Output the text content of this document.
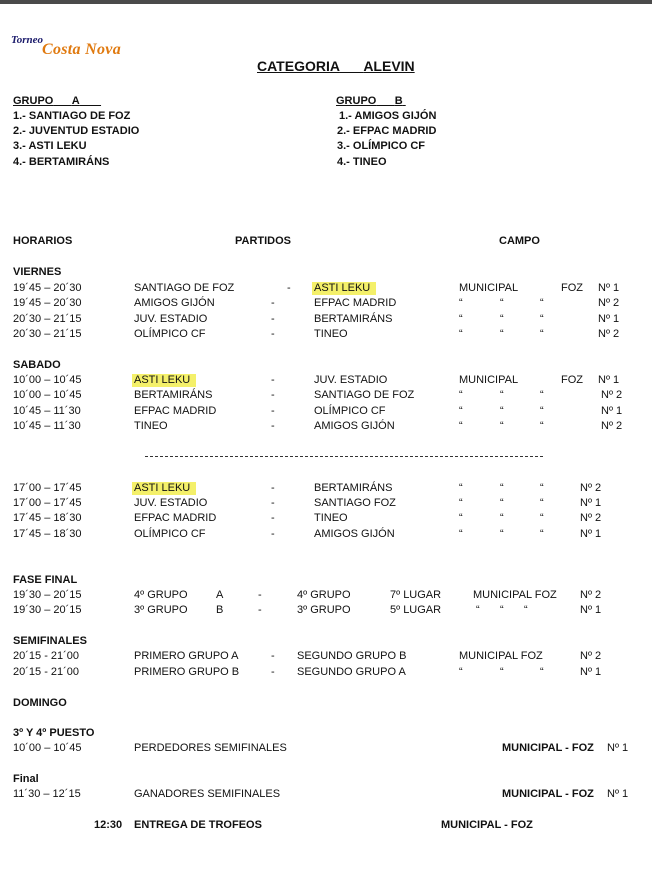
Torneo
Costa Nova
CATEGORIA ALEVIN
GRUPO A
1.- SANTIAGO DE FOZ
2.- JUVENTUD ESTADIO
3.- ASTI LEKU
4.- BERTAMIRÁNS
GRUPO B
1.- AMIGOS GIJÓN
2.- EFPAC MADRID
3.- OLÍMPICO CF
4.- TINEO
HORARIOS	PARTIDOS	CAMPO
VIERNES
19´45 – 20´30	SANTIAGO DE FOZ	- ASTI LEKU	MUNICIPAL	FOZ Nº 1
19´45 – 20´30	AMIGOS GIJÓN	-	EFPAC MADRID	“	“	“	Nº 2
20´30 – 21´15	JUV. ESTADIO	-	BERTAMIRÁNS	“	“	“	Nº 1
20´30 – 21´15	OLÍMPICO CF	-	TINEO	“	“	“	Nº 2
SABADO
10´00 – 10´45	ASTI LEKU	-	JUV. ESTADIO	MUNICIPAL	FOZ Nº 1
10´00 – 10´45	BERTAMIRÁNS	-	SANTIAGO DE FOZ	“	“	“	Nº 2
10´45 – 11´30	EFPAC MADRID	-	OLÍMPICO CF	“	“	“	Nº 1
10´45 – 11´30	TINEO	-	AMIGOS GIJÓN	“	“	“	Nº 2
17´00 – 17´45	ASTI LEKU	-	BERTAMIRÁNS	“	“	“	Nº 2
17´00 – 17´45	JUV. ESTADIO	-	SANTIAGO FOZ	“	“	“	Nº 1
17´45 – 18´30	EFPAC MADRID	-	TINEO	“	“	“	Nº 2
17´45 – 18´30	OLÍMPICO CF	-	AMIGOS GIJÓN	“	“	“	Nº 1
FASE FINAL
19´30 – 20´15	4º GRUPO	A	-	4º GRUPO	7º LUGAR	MUNICIPAL FOZ Nº 2
19´30 – 20´15	3º GRUPO	B	-	3º GRUPO	5º LUGAR	“ “ “	Nº 1
SEMIFINALES
20´15 - 21´00	PRIMERO GRUPO A	- SEGUNDO GRUPO B	MUNICIPAL FOZ	Nº 2
20´15 - 21´00	PRIMERO GRUPO B	- SEGUNDO GRUPO A	“	“	“	Nº 1
DOMINGO
3º Y 4º PUESTO
10´00 – 10´45	PERDEDORES SEMIFINALES	MUNICIPAL - FOZ Nº 1
Final
11´30 – 12´15	GANADORES SEMIFINALES	MUNICIPAL - FOZ Nº 1
12:30 ENTREGA DE TROFEOS	MUNICIPAL - FOZ
